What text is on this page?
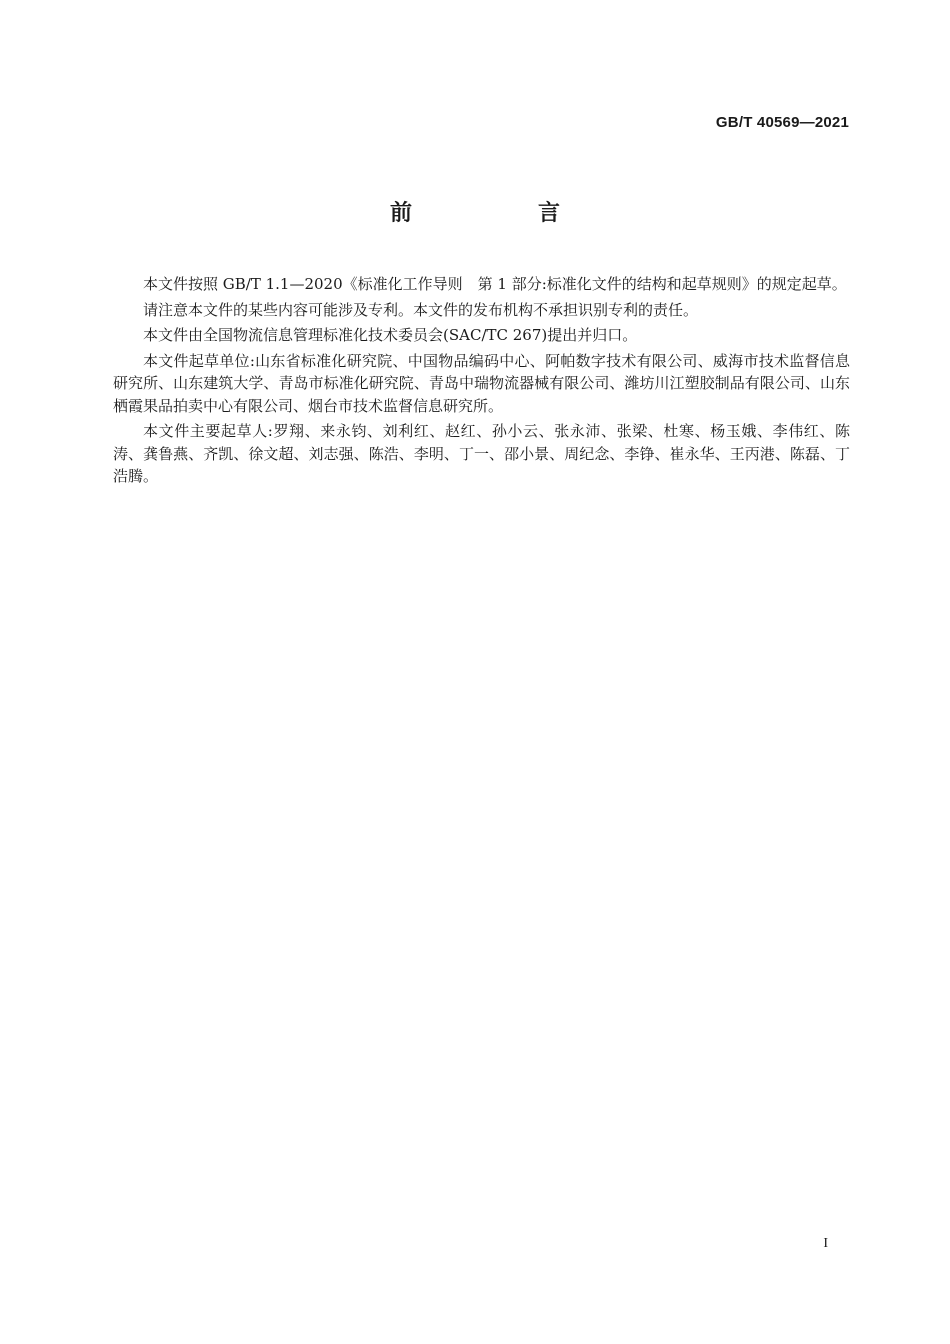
GB/T 40569—2021
前　言

本文件按照 GB/T 1.1—2020《标准化工作导则　第 1 部分:标准化文件的结构和起草规则》的规定起草。

请注意本文件的某些内容可能涉及专利。本文件的发布机构不承担识别专利的责任。

本文件由全国物流信息管理标准化技术委员会(SAC/TC 267)提出并归口。

本文件起草单位:山东省标准化研究院、中国物品编码中心、阿帕数字技术有限公司、威海市技术监督信息研究所、山东建筑大学、青岛市标准化研究院、青岛中瑞物流器械有限公司、潍坊川江塑胶制品有限公司、山东栖霞果品拍卖中心有限公司、烟台市技术监督信息研究所。

本文件主要起草人:罗翔、来永钧、刘利红、赵红、孙小云、张永沛、张梁、杜寒、杨玉娥、李伟红、陈涛、龚鲁燕、齐凯、徐文超、刘志强、陈浩、李明、丁一、邵小景、周纪念、李铮、崔永华、王丙港、陈磊、丁浩腾。

I
